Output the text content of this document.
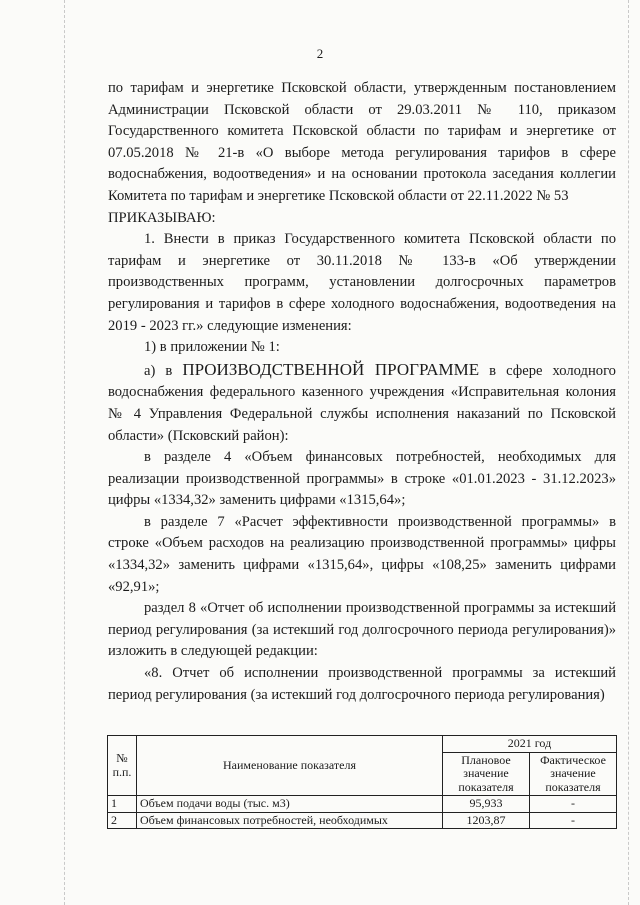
2

по тарифам и энергетике Псковской области, утвержденным постановлением Администрации Псковской области от 29.03.2011 № 110, приказом Государственного комитета Псковской области по тарифам и энергетике от 07.05.2018 № 21-в «О выборе метода регулирования тарифов в сфере водоснабжения, водоотведения» и на основании протокола заседания коллегии Комитета по тарифам и энергетике Псковской области от 22.11.2022 № 53

ПРИКАЗЫВАЮ:

1. Внести в приказ Государственного комитета Псковской области по тарифам и энергетике от 30.11.2018 № 133-в «Об утверждении производственных программ, установлении долгосрочных параметров регулирования и тарифов в сфере холодного водоснабжения, водоотведения на 2019 - 2023 гг.» следующие изменения:

1) в приложении № 1:

а) в ПРОИЗВОДСТВЕННОЙ ПРОГРАММЕ в сфере холодного водоснабжения федерального казенного учреждения «Исправительная колония № 4 Управления Федеральной службы исполнения наказаний по Псковской области» (Псковский район):

в разделе 4 «Объем финансовых потребностей, необходимых для реализации производственной программы» в строке «01.01.2023 - 31.12.2023» цифры «1334,32» заменить цифрами «1315,64»;

в разделе 7 «Расчет эффективности производственной программы» в строке «Объем расходов на реализацию производственной программы» цифры «1334,32» заменить цифрами «1315,64», цифры «108,25» заменить цифрами «92,91»;

раздел 8 «Отчет об исполнении производственной программы за истекший период регулирования (за истекший год долгосрочного периода регулирования)» изложить в следующей редакции:

«8. Отчет об исполнении производственной программы за истекший период регулирования (за истекший год долгосрочного периода регулирования)

№ п.п.	Наименование показателя	2021 год	
		Плановое значение показателя	Фактическое значение показателя
1	Объем подачи воды (тыс. м3)	95,933	-
2	Объем финансовых потребностей, необходимых	1203,87	-
